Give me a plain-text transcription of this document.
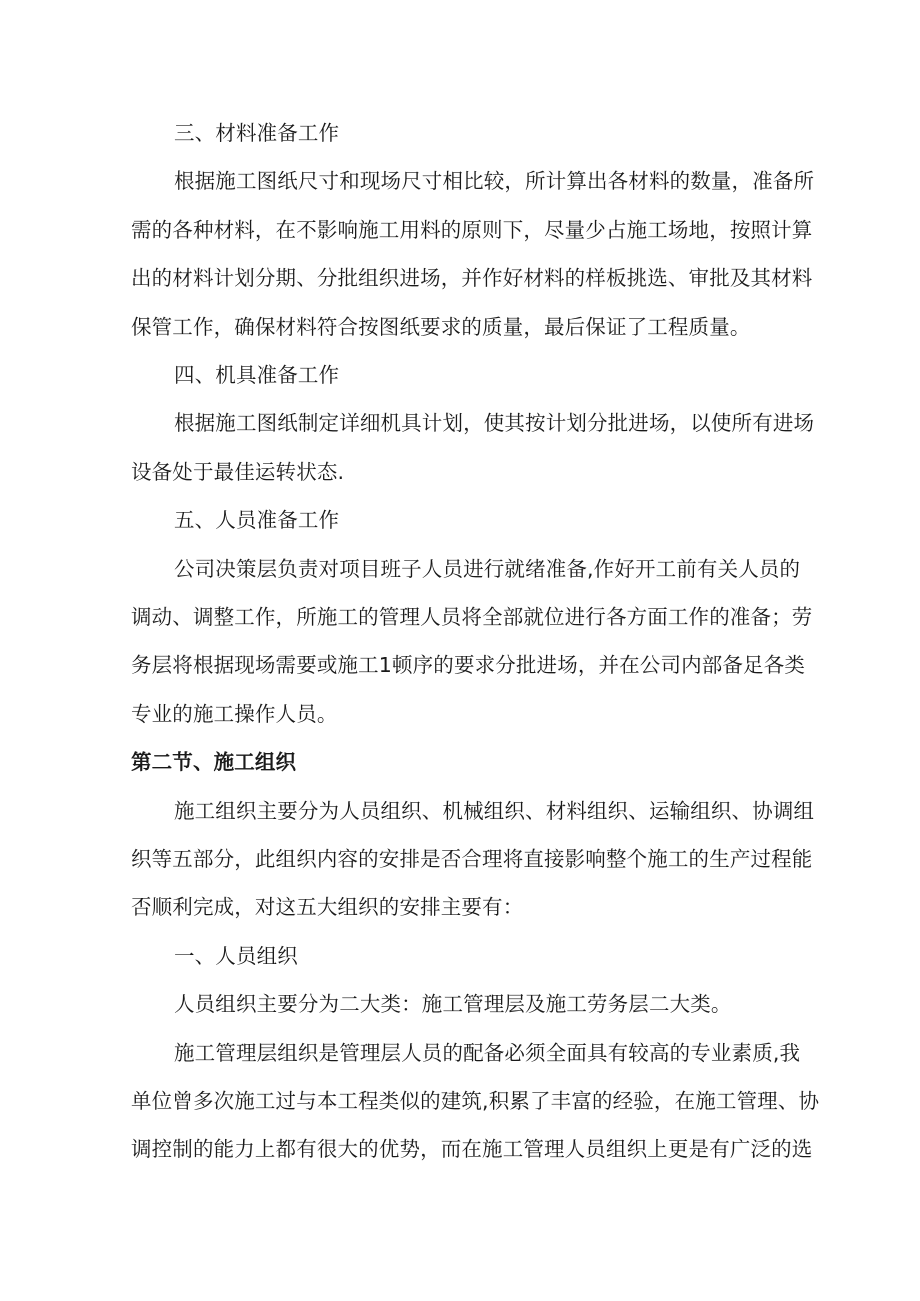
三、材料准备工作

根据施工图纸尺寸和现场尺寸相比较，所计算出各材料的数量，准备所

需的各种材料，在不影响施工用料的原则下，尽量少占施工场地，按照计算

出的材料计划分期、分批组织进场，并作好材料的样板挑选、审批及其材料

保管工作，确保材料符合按图纸要求的质量，最后保证了工程质量。

四、机具准备工作

根据施工图纸制定详细机具计划，使其按计划分批进场，以使所有进场

设备处于最佳运转状态.

五、人员准备工作

公司决策层负责对项目班子人员进行就绪准备,作好开工前有关人员的

调动、调整工作，所施工的管理人员将全部就位进行各方面工作的准备；劳

务层将根据现场需要或施工1顿序的要求分批进场，并在公司内部备足各类

专业的施工操作人员。

第二节、施工组织

施工组织主要分为人员组织、机械组织、材料组织、运输组织、协调组

织等五部分，此组织内容的安排是否合理将直接影响整个施工的生产过程能

否顺利完成，对这五大组织的安排主要有：

一、人员组织

人员组织主要分为二大类：施工管理层及施工劳务层二大类。

施工管理层组织是管理层人员的配备必须全面具有较高的专业素质,我

单位曾多次施工过与本工程类似的建筑,积累了丰富的经验，在施工管理、协

调控制的能力上都有很大的优势，而在施工管理人员组织上更是有广泛的选
